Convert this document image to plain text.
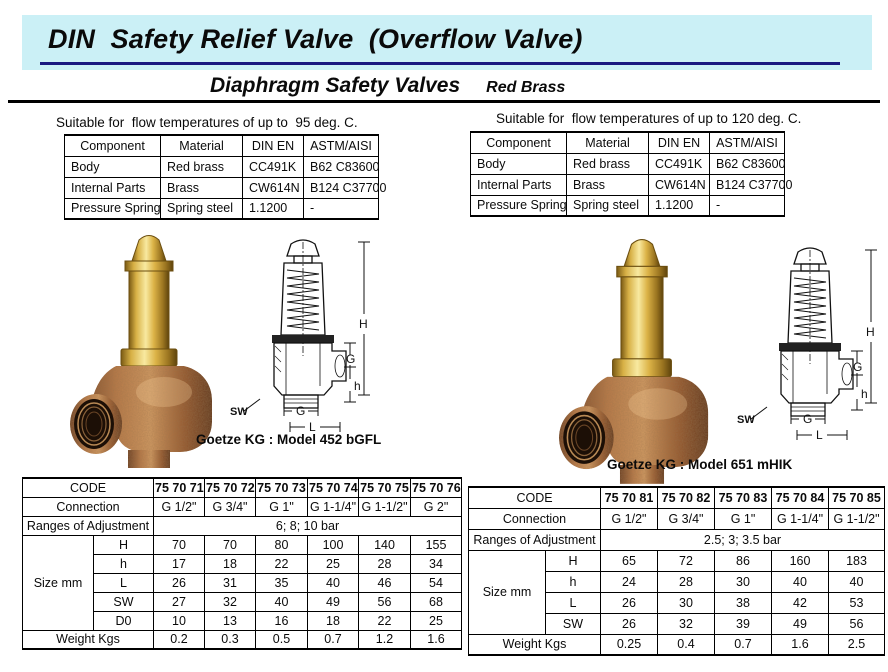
DIN  Safety Relief Valve  (Overflow Valve)
Diaphragm Safety Valves Red Brass
Suitable for  flow temperatures of up to  95 deg. C.
Component	Material	DIN EN	ASTM/AISI
Body	Red brass	CC491K	B62 C83600
Internal Parts	Brass	CW614N	B124 C37700
Pressure Spring	Spring steel	1.1200	-
H
G
h
SW	G
L
Goetze KG : Model 452 bGFL
CODE		75 70 71	75 70 72	75 70 73	75 70 74	75 70 75	75 70 76
Connection		G 1/2"	G 3/4"	G 1"	G 1-1/4"	G 1-1/2"	G 2"
Ranges of Adjustment		6; 8; 10 bar					
Size mm	H	70	70	80	100	140	155
	h	17	18	22	25	28	34
	L	26	31	35	40	46	54
	SW	27	32	40	49	56	68
	D0	10	13	16	18	22	25
Weight Kgs		0.2	0.3	0.5	0.7	1.2	1.6
Suitable for  flow temperatures of up to 120 deg. C.
Component	Material	DIN EN	ASTM/AISI
Body	Red brass	CC491K	B62 C83600
Internal Parts	Brass	CW614N	B124 C37700
Pressure Spring	Spring steel	1.1200	-
H
G
h
SW	G
L
Goetze KG : Model 651 mHIK
CODE		75 70 81	75 70 82	75 70 83	75 70 84	75 70 85
Connection		G 1/2"	G 3/4"	G 1"	G 1-1/4"	G 1-1/2"
Ranges of Adjustment		2.5; 3; 3.5 bar				
Size mm	H	65	72	86	160	183
	h	24	28	30	40	40
	L	26	30	38	42	53
	SW	26	32	39	49	56
Weight Kgs		0.25	0.4	0.7	1.6	2.5
